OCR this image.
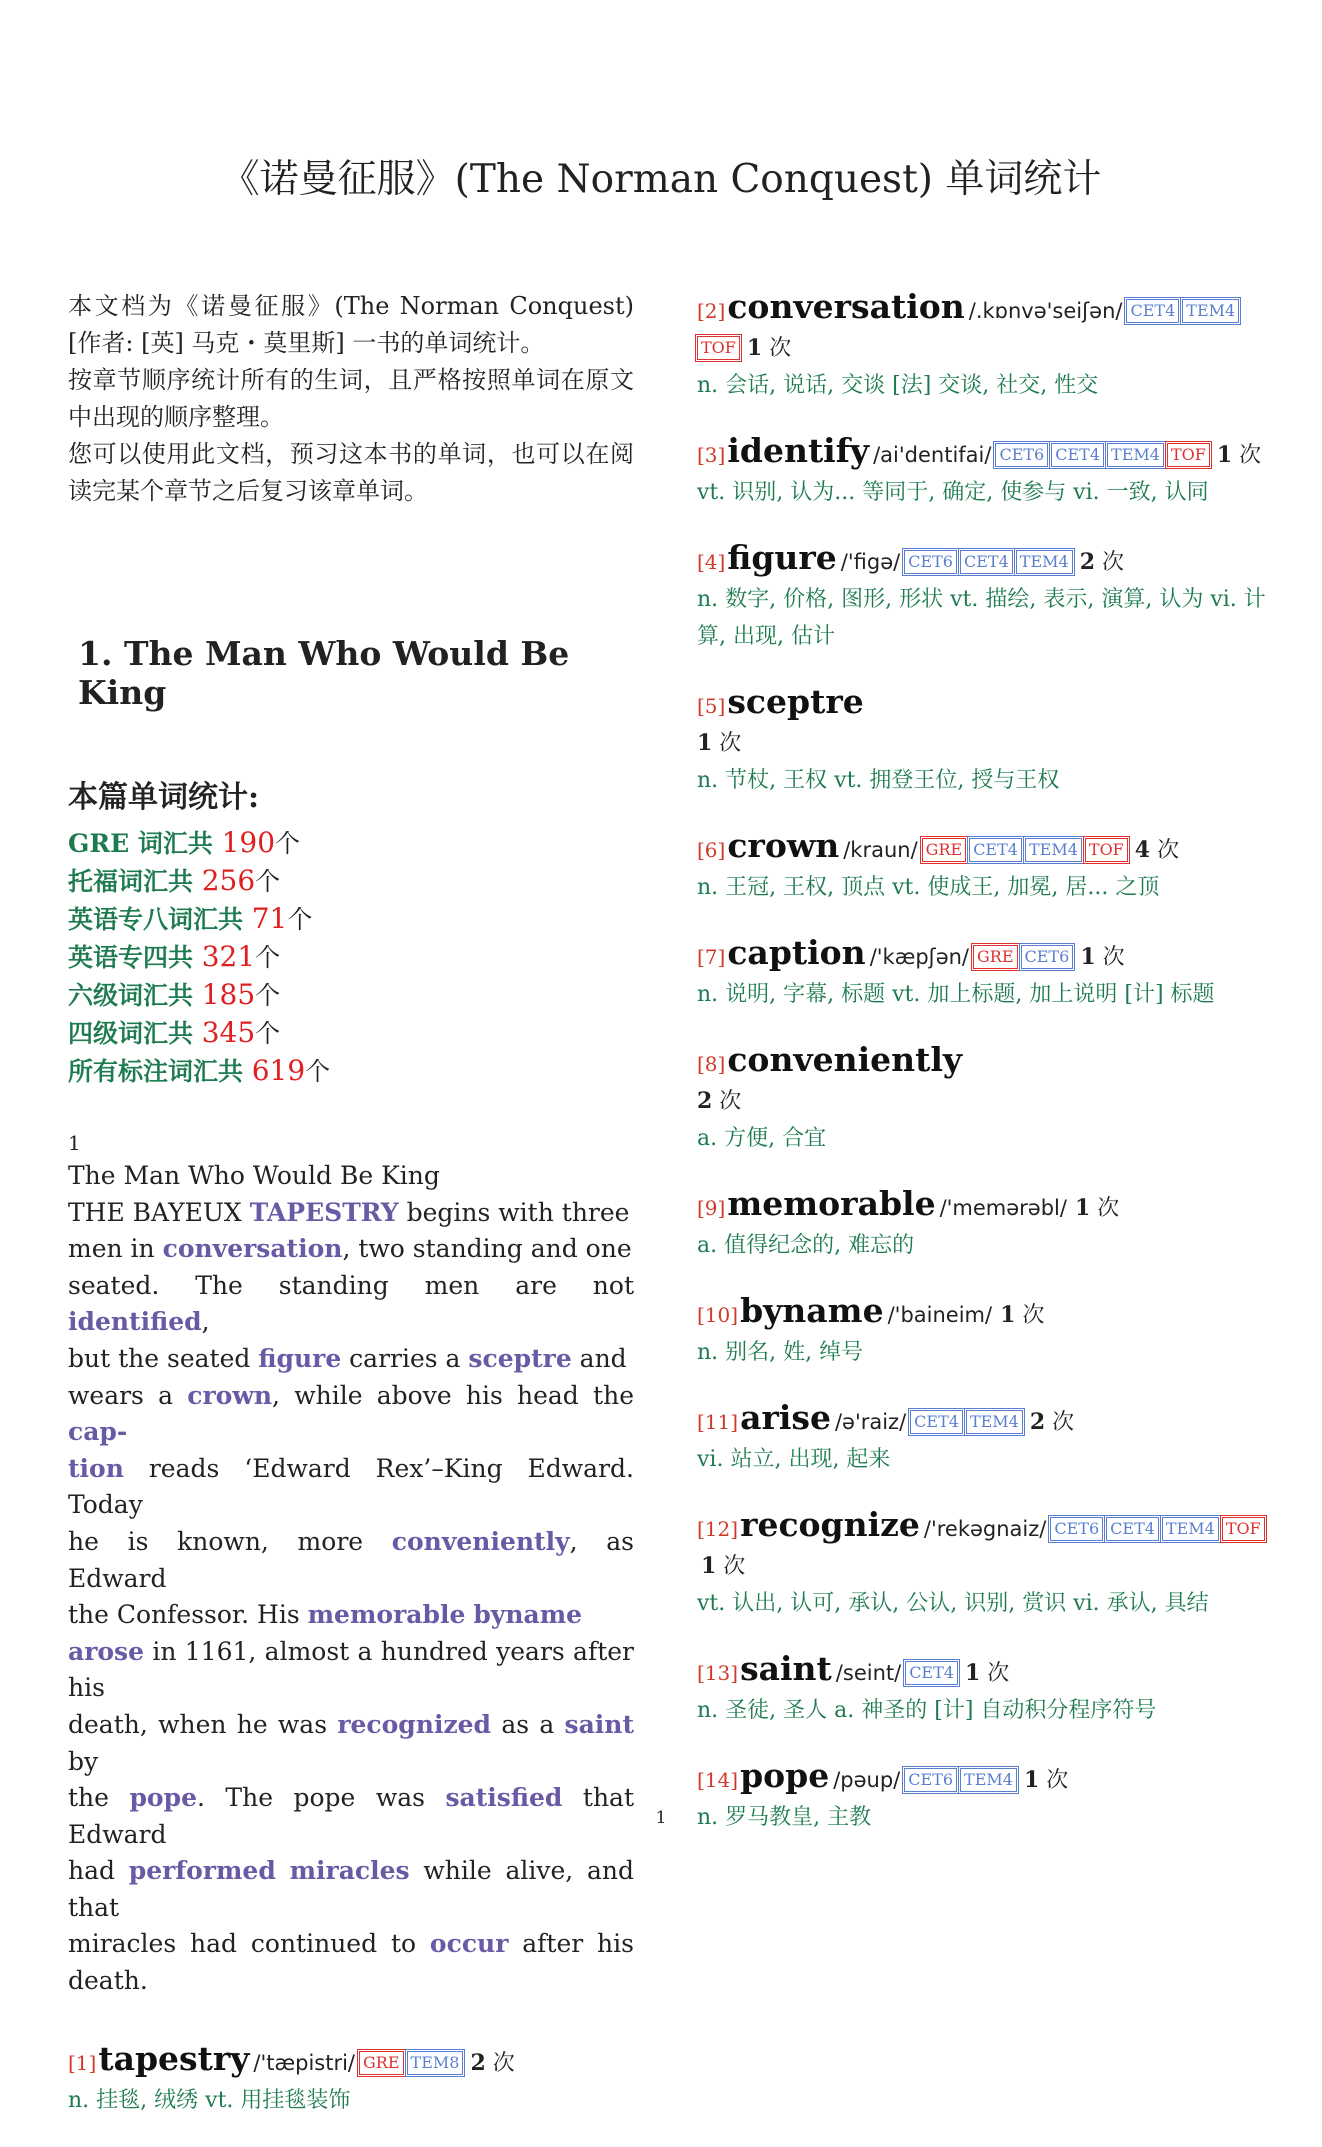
《诺曼征服》(The Norman Conquest) 单词统计

本文档为《诺曼征服》(The Norman Conquest)[作者: [英] 马克・莫里斯] 一书的单词统计。

按章节顺序统计所有的生词，且严格按照单词在原文中出现的顺序整理。

您可以使用此文档，预习这本书的单词，也可以在阅读完某个章节之后复习该章单词。

1. The Man Who Would Be King
本篇单词统计:
GRE 词汇共 190个
托福词汇共 256个
英语专八词汇共 71个
英语专四共 321个
六级词汇共 185个
四级词汇共 345个
所有标注词汇共 619个
1
The Man Who Would Be King
THE BAYEUX TAPESTRY begins with three
men in conversation, two standing and one
seated. The standing men are not identified,
but the seated figure carries a sceptre and
wears a crown, while above his head the cap-
tion reads ‘Edward Rex’–King Edward. Today
he is known, more conveniently, as Edward
the Confessor. His memorable byname
arose in 1161, almost a hundred years after his
death, when he was recognized as a saint by
the pope. The pope was satisfied that Edward
had performed miracles while alive, and that
miracles had continued to occur after his death.
[1]tapestry /'tæpistri/ GRE TEM8 2 次
n. 挂毯, 绒绣 vt. 用挂毯装饰
[2]conversation /.kɒnvə'seiʃən/ CET4 TEM4TOF 1 次
n. 会话, 说话, 交谈 [法] 交谈, 社交, 性交
[3]identify /ai'dentifai/ CET6 CET4 TEM4 TOF 1 次
vt. 识别, 认为... 等同于, 确定, 使参与 vi. 一致, 认同
[4]figure /'figə/ CET6 CET4 TEM4 2 次
n. 数字, 价格, 图形, 形状 vt. 描绘, 表示, 演算, 认为 vi. 计算, 出现, 估计
[5]sceptre
1 次
n. 节杖, 王权 vt. 拥登王位, 授与王权
[6]crown /kraun/ GRE CET4 TEM4 TOF 4 次
n. 王冠, 王权, 顶点 vt. 使成王, 加冕, 居... 之顶
[7]caption /'kæpʃən/ GRE CET6 1 次
n. 说明, 字幕, 标题 vt. 加上标题, 加上说明 [计] 标题
[8]conveniently
2 次
a. 方便, 合宜
[9]memorable /'memərəbl/ 1 次
a. 值得纪念的, 难忘的
[10]byname /'baineim/ 1 次
n. 别名, 姓, 绰号
[11]arise /ə'raiz/ CET4 TEM4 2 次
vi. 站立, 出现, 起来
[12]recognize /'rekəgnaiz/ CET6 CET4 TEM4 TOF1 次
vt. 认出, 认可, 承认, 公认, 识别, 赏识 vi. 承认, 具结
[13]saint /seint/ CET4 1 次
n. 圣徒, 圣人 a. 神圣的 [计] 自动积分程序符号
[14]pope /pəup/ CET6 TEM4 1 次
n. 罗马教皇, 主教
1
